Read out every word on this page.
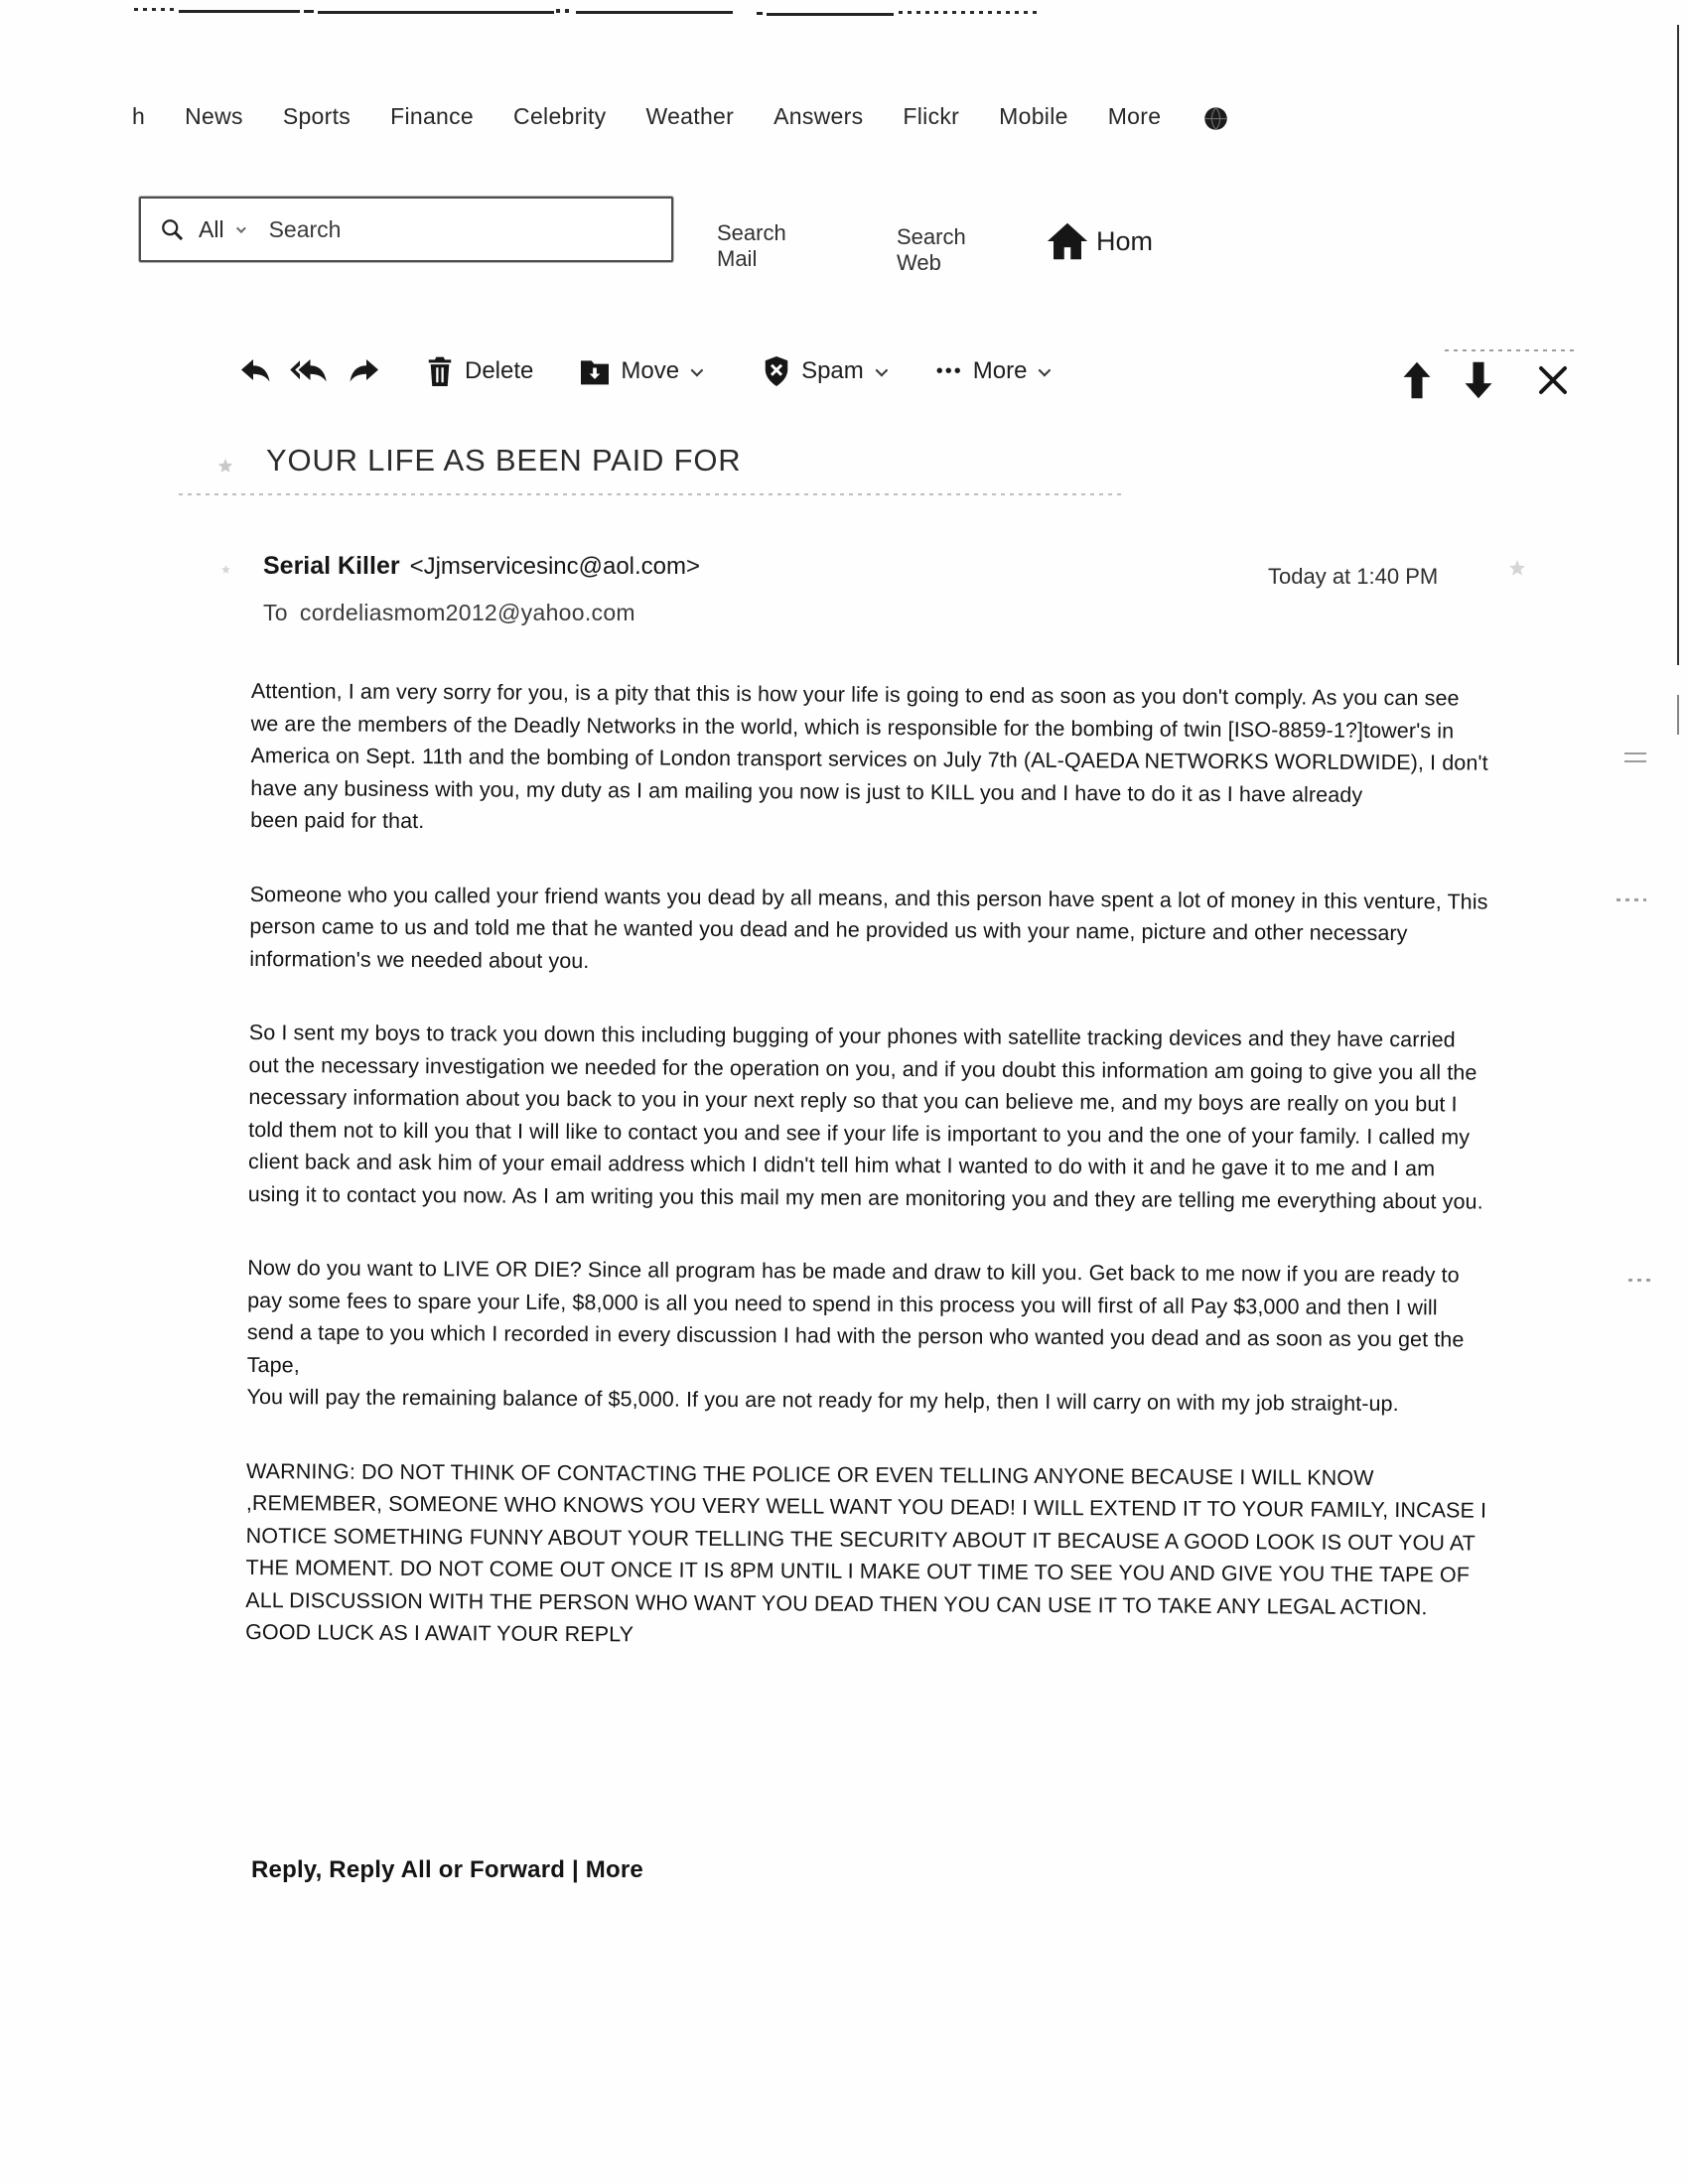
h News Sports Finance Celebrity Weather Answers Flickr Mobile More
All
Search	Search Mail
Search Web
Hom
Delete	Move	Spam	••• More
YOUR LIFE AS BEEN PAID FOR
Serial Killer <Jjmservicesinc@aol.com>
To cordeliasmom2012@yahoo.com
Today at 1:40 PM

Attention, I am very sorry for you, is a pity that this is how your life is going to end as soon as you don't comply. As you can see we are the members of the Deadly Networks in the world, which is responsible for the bombing of twin [ISO-8859-1?]tower's in America on Sept. 11th and the bombing of London transport services on July 7th (AL-QAEDA NETWORKS WORLDWIDE), I don't have any business with you, my duty as I am mailing you now is just to KILL you and I have to do it as I have already
been paid for that.

Someone who you called your friend wants you dead by all means, and this person have spent a lot of money in this venture, This person came to us and told me that he wanted you dead and he provided us with your name, picture and other necessary information's we needed about you.

So I sent my boys to track you down this including bugging of your phones with satellite tracking devices and they have carried out the necessary investigation we needed for the operation on you, and if you doubt this information am going to give you all the necessary information about you back to you in your next reply so that you can believe me, and my boys are really on you but I told them not to kill you that I will like to contact you and see if your life is important to you and the one of your family. I called my client back and ask him of your email address which I didn't tell him what I wanted to do with it and he gave it to me and I am using it to contact you now. As I am writing you this mail my men are monitoring you and they are telling me everything about you.

Now do you want to LIVE OR DIE? Since all program has be made and draw to kill you. Get back to me now if you are ready to pay some fees to spare your Life, $8,000 is all you need to spend in this process you will first of all Pay $3,000 and then I will send a tape to you which I recorded in every discussion I had with the person who wanted you dead and as soon as you get the Tape,
You will pay the remaining balance of $5,000. If you are not ready for my help, then I will carry on with my job straight-up.

WARNING: DO NOT THINK OF CONTACTING THE POLICE OR EVEN TELLING ANYONE BECAUSE I WILL KNOW ,REMEMBER, SOMEONE WHO KNOWS YOU VERY WELL WANT YOU DEAD! I WILL EXTEND IT TO YOUR FAMILY, INCASE I NOTICE SOMETHING FUNNY ABOUT YOUR TELLING THE SECURITY ABOUT IT BECAUSE A GOOD LOOK IS OUT YOU AT THE MOMENT. DO NOT COME OUT ONCE IT IS 8PM UNTIL I MAKE OUT TIME TO SEE YOU AND GIVE YOU THE TAPE OF ALL DISCUSSION WITH THE PERSON WHO WANT YOU DEAD THEN YOU CAN USE IT TO TAKE ANY LEGAL ACTION. GOOD LUCK AS I AWAIT YOUR REPLY

Reply, Reply All or Forward | More
